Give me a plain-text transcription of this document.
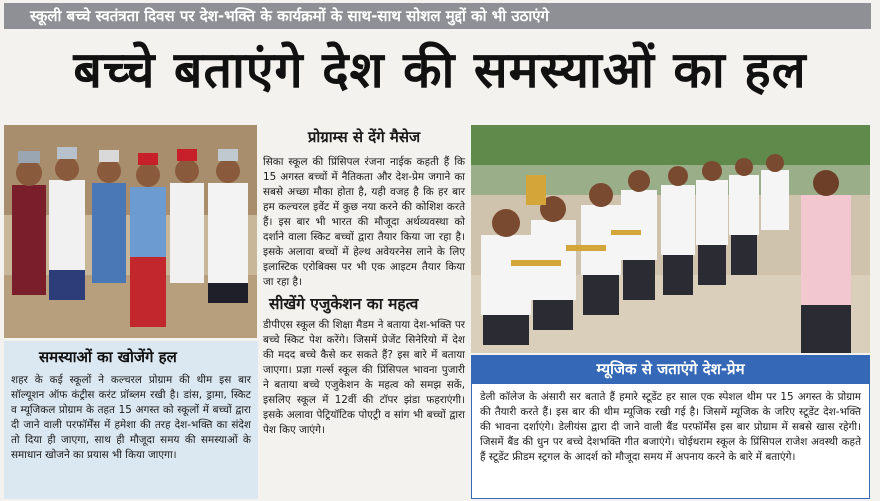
स्कूली बच्चे स्वतंत्रता दिवस पर देश-भक्ति के कार्यक्रमों के साथ-साथ सोशल मुद्दों को भी उठाएंगे
बच्चे बताएंगे देश की समस्याओं का हल
समस्याओं का खोजेंगे हल

शहर के कई स्कूलों ने कल्चरल प्रोग्राम की थीम इस बार सॉल्यूशन ऑफ कंट्रीस करंट प्रॉब्लम रखी है। डांस, ड्रामा, स्किट व म्यूजिकल प्रोग्राम के तहत 15 अगस्त को स्कूलों में बच्चों द्वारा दी जाने वाली परफॉर्मेंस में हमेशा की तरह देश-भक्ति का संदेश तो दिया ही जाएगा, साथ ही मौजूदा समय की समस्याओं के समाधान खोजने का प्रयास भी किया जाएगा।

प्रोग्राम्स से देंगे मैसेज

सिका स्कूल की प्रिंसिपल रंजना नाईक कहती हैं कि 15 अगस्त बच्चों में नैतिकता और देश-प्रेम जगाने का सबसे अच्छा मौका होता है, यही वजह है कि हर बार हम कल्चरल इवेंट में कुछ नया करने की कोशिश करते हैं। इस बार भी भारत की मौजूदा अर्थव्यवस्था को दर्शाने वाला स्किट बच्चों द्वारा तैयार किया जा रहा है। इसके अलावा बच्चों में हेल्थ अवेयरनेस लाने के लिए इलास्टिक एरोबिक्स पर भी एक आइटम तैयार किया जा रहा है।

सीखेंगे एजुकेशन का महत्व

डीपीएस स्कूल की शिक्षा मैडम ने बताया देश-भक्ति पर बच्चे स्किट पेश करेंगे। जिसमें प्रेजेंट सिनेरियो में देश की मदद बच्चे कैसे कर सकते हैं? इस बारे में बताया जाएगा। प्रज्ञा गर्ल्स स्कूल की प्रिंसिपल भावना पुजारी ने बताया बच्चे एजुकेशन के महत्व को समझ सकें, इसलिए स्कूल में 12वीं की टॉपर झंडा फहराएंगी। इसके अलावा पेट्रियॉटिक पोएट्री व सांग भी बच्चों द्वारा पेश किए जाएंगे।

म्यूजिक से जताएंगे देश-प्रेम

डेली कॉलेज के अंसारी सर बताते हैं हमारे स्टूडेंट हर साल एक स्पेशल थीम पर 15 अगस्त के प्रोग्राम की तैयारी करते हैं। इस बार की थीम म्यूजिक रखी गई है। जिसमें म्यूजिक के जरिए स्टूडेंट देश-भक्ति की भावना दर्शाएंगे। डेलीयंस द्वारा दी जाने वाली बैंड परफॉर्मेंस इस बार प्रोग्राम में सबसे खास रहेगी। जिसमें बैंड की धुन पर बच्चे देशभक्ति गीत बजाएंगे। चोईथराम स्कूल के प्रिंसिपल राजेश अवस्थी कहते हैं स्टूडेंट फ्रीडम स्ट्रगल के आदर्श को मौजूदा समय में अपनाय करने के बारे में बताएंगे।
